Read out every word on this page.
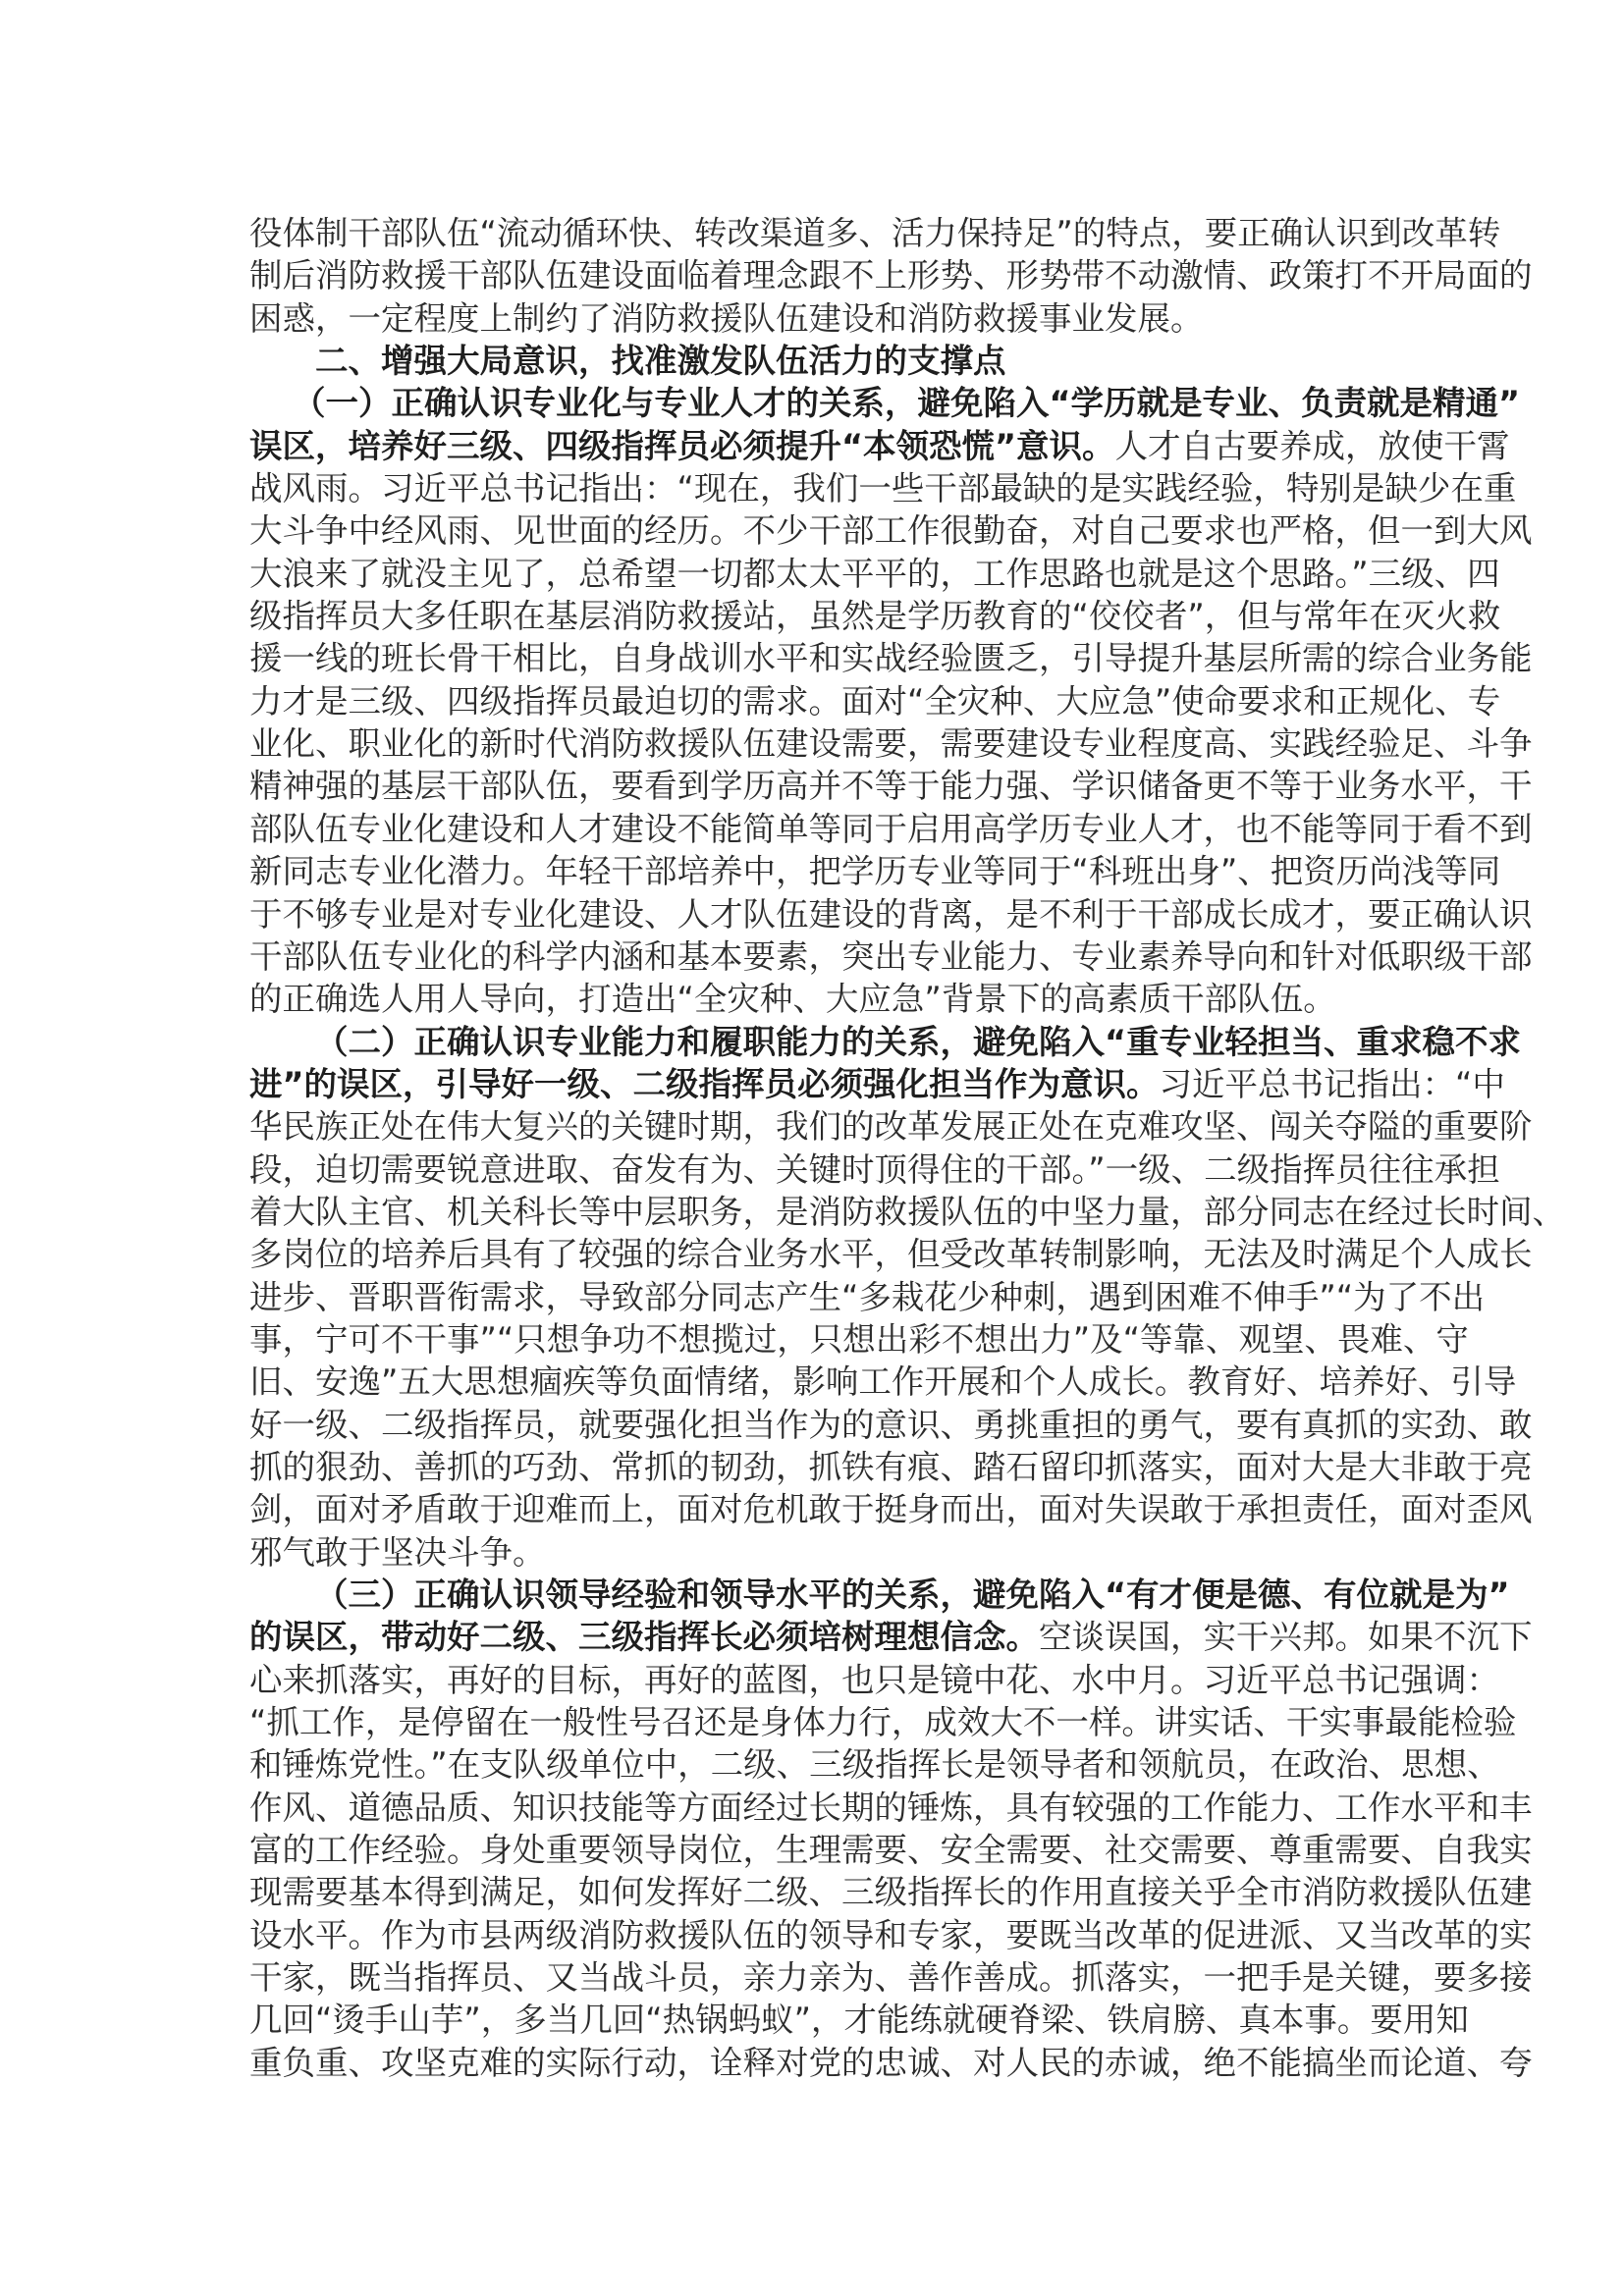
役体制干部队伍“流动循环快、转改渠道多、活力保持足”的特点，要正确认识到改革转
制后消防救援干部队伍建设面临着理念跟不上形势、形势带不动激情、政策打不开局面的
困惑，一定程度上制约了消防救援队伍建设和消防救援事业发展。
二、增强大局意识，找准激发队伍活力的支撑点
（一）正确认识专业化与专业人才的关系，避免陷入“学历就是专业、负责就是精通”
误区，培养好三级、四级指挥员必须提升“本领恐慌”意识。人才自古要养成，放使干霄
战风雨。习近平总书记指出：“现在，我们一些干部最缺的是实践经验，特别是缺少在重
大斗争中经风雨、见世面的经历。不少干部工作很勤奋，对自己要求也严格，但一到大风
大浪来了就没主见了，总希望一切都太太平平的，工作思路也就是这个思路。”三级、四
级指挥员大多任职在基层消防救援站，虽然是学历教育的“佼佼者”，但与常年在灭火救
援一线的班长骨干相比，自身战训水平和实战经验匮乏，引导提升基层所需的综合业务能
力才是三级、四级指挥员最迫切的需求。面对“全灾种、大应急”使命要求和正规化、专
业化、职业化的新时代消防救援队伍建设需要，需要建设专业程度高、实践经验足、斗争
精神强的基层干部队伍，要看到学历高并不等于能力强、学识储备更不等于业务水平，干
部队伍专业化建设和人才建设不能简单等同于启用高学历专业人才，也不能等同于看不到
新同志专业化潜力。年轻干部培养中，把学历专业等同于“科班出身”、把资历尚浅等同
于不够专业是对专业化建设、人才队伍建设的背离，是不利于干部成长成才，要正确认识
干部队伍专业化的科学内涵和基本要素，突出专业能力、专业素养导向和针对低职级干部
的正确选人用人导向，打造出“全灾种、大应急”背景下的高素质干部队伍。
（二）正确认识专业能力和履职能力的关系，避免陷入“重专业轻担当、重求稳不求
进”的误区，引导好一级、二级指挥员必须强化担当作为意识。习近平总书记指出：“中
华民族正处在伟大复兴的关键时期，我们的改革发展正处在克难攻坚、闯关夺隘的重要阶
段，迫切需要锐意进取、奋发有为、关键时顶得住的干部。”一级、二级指挥员往往承担
着大队主官、机关科长等中层职务，是消防救援队伍的中坚力量，部分同志在经过长时间、
多岗位的培养后具有了较强的综合业务水平，但受改革转制影响，无法及时满足个人成长
进步、晋职晋衔需求，导致部分同志产生“多栽花少种刺，遇到困难不伸手”“为了不出
事，宁可不干事”“只想争功不想揽过，只想出彩不想出力”及“等靠、观望、畏难、守
旧、安逸”五大思想痼疾等负面情绪，影响工作开展和个人成长。教育好、培养好、引导
好一级、二级指挥员，就要强化担当作为的意识、勇挑重担的勇气，要有真抓的实劲、敢
抓的狠劲、善抓的巧劲、常抓的韧劲，抓铁有痕、踏石留印抓落实，面对大是大非敢于亮
剑，面对矛盾敢于迎难而上，面对危机敢于挺身而出，面对失误敢于承担责任，面对歪风
邪气敢于坚决斗争。
（三）正确认识领导经验和领导水平的关系，避免陷入“有才便是德、有位就是为”
的误区，带动好二级、三级指挥长必须培树理想信念。空谈误国，实干兴邦。如果不沉下
心来抓落实，再好的目标，再好的蓝图，也只是镜中花、水中月。习近平总书记强调：
“抓工作，是停留在一般性号召还是身体力行，成效大不一样。讲实话、干实事最能检验
和锤炼党性。”在支队级单位中，二级、三级指挥长是领导者和领航员，在政治、思想、
作风、道德品质、知识技能等方面经过长期的锤炼，具有较强的工作能力、工作水平和丰
富的工作经验。身处重要领导岗位，生理需要、安全需要、社交需要、尊重需要、自我实
现需要基本得到满足，如何发挥好二级、三级指挥长的作用直接关乎全市消防救援队伍建
设水平。作为市县两级消防救援队伍的领导和专家，要既当改革的促进派、又当改革的实
干家，既当指挥员、又当战斗员，亲力亲为、善作善成。抓落实，一把手是关键，要多接
几回“烫手山芋”，多当几回“热锅蚂蚁”，才能练就硬脊梁、铁肩膀、真本事。要用知
重负重、攻坚克难的实际行动，诠释对党的忠诚、对人民的赤诚，绝不能搞坐而论道、夸
